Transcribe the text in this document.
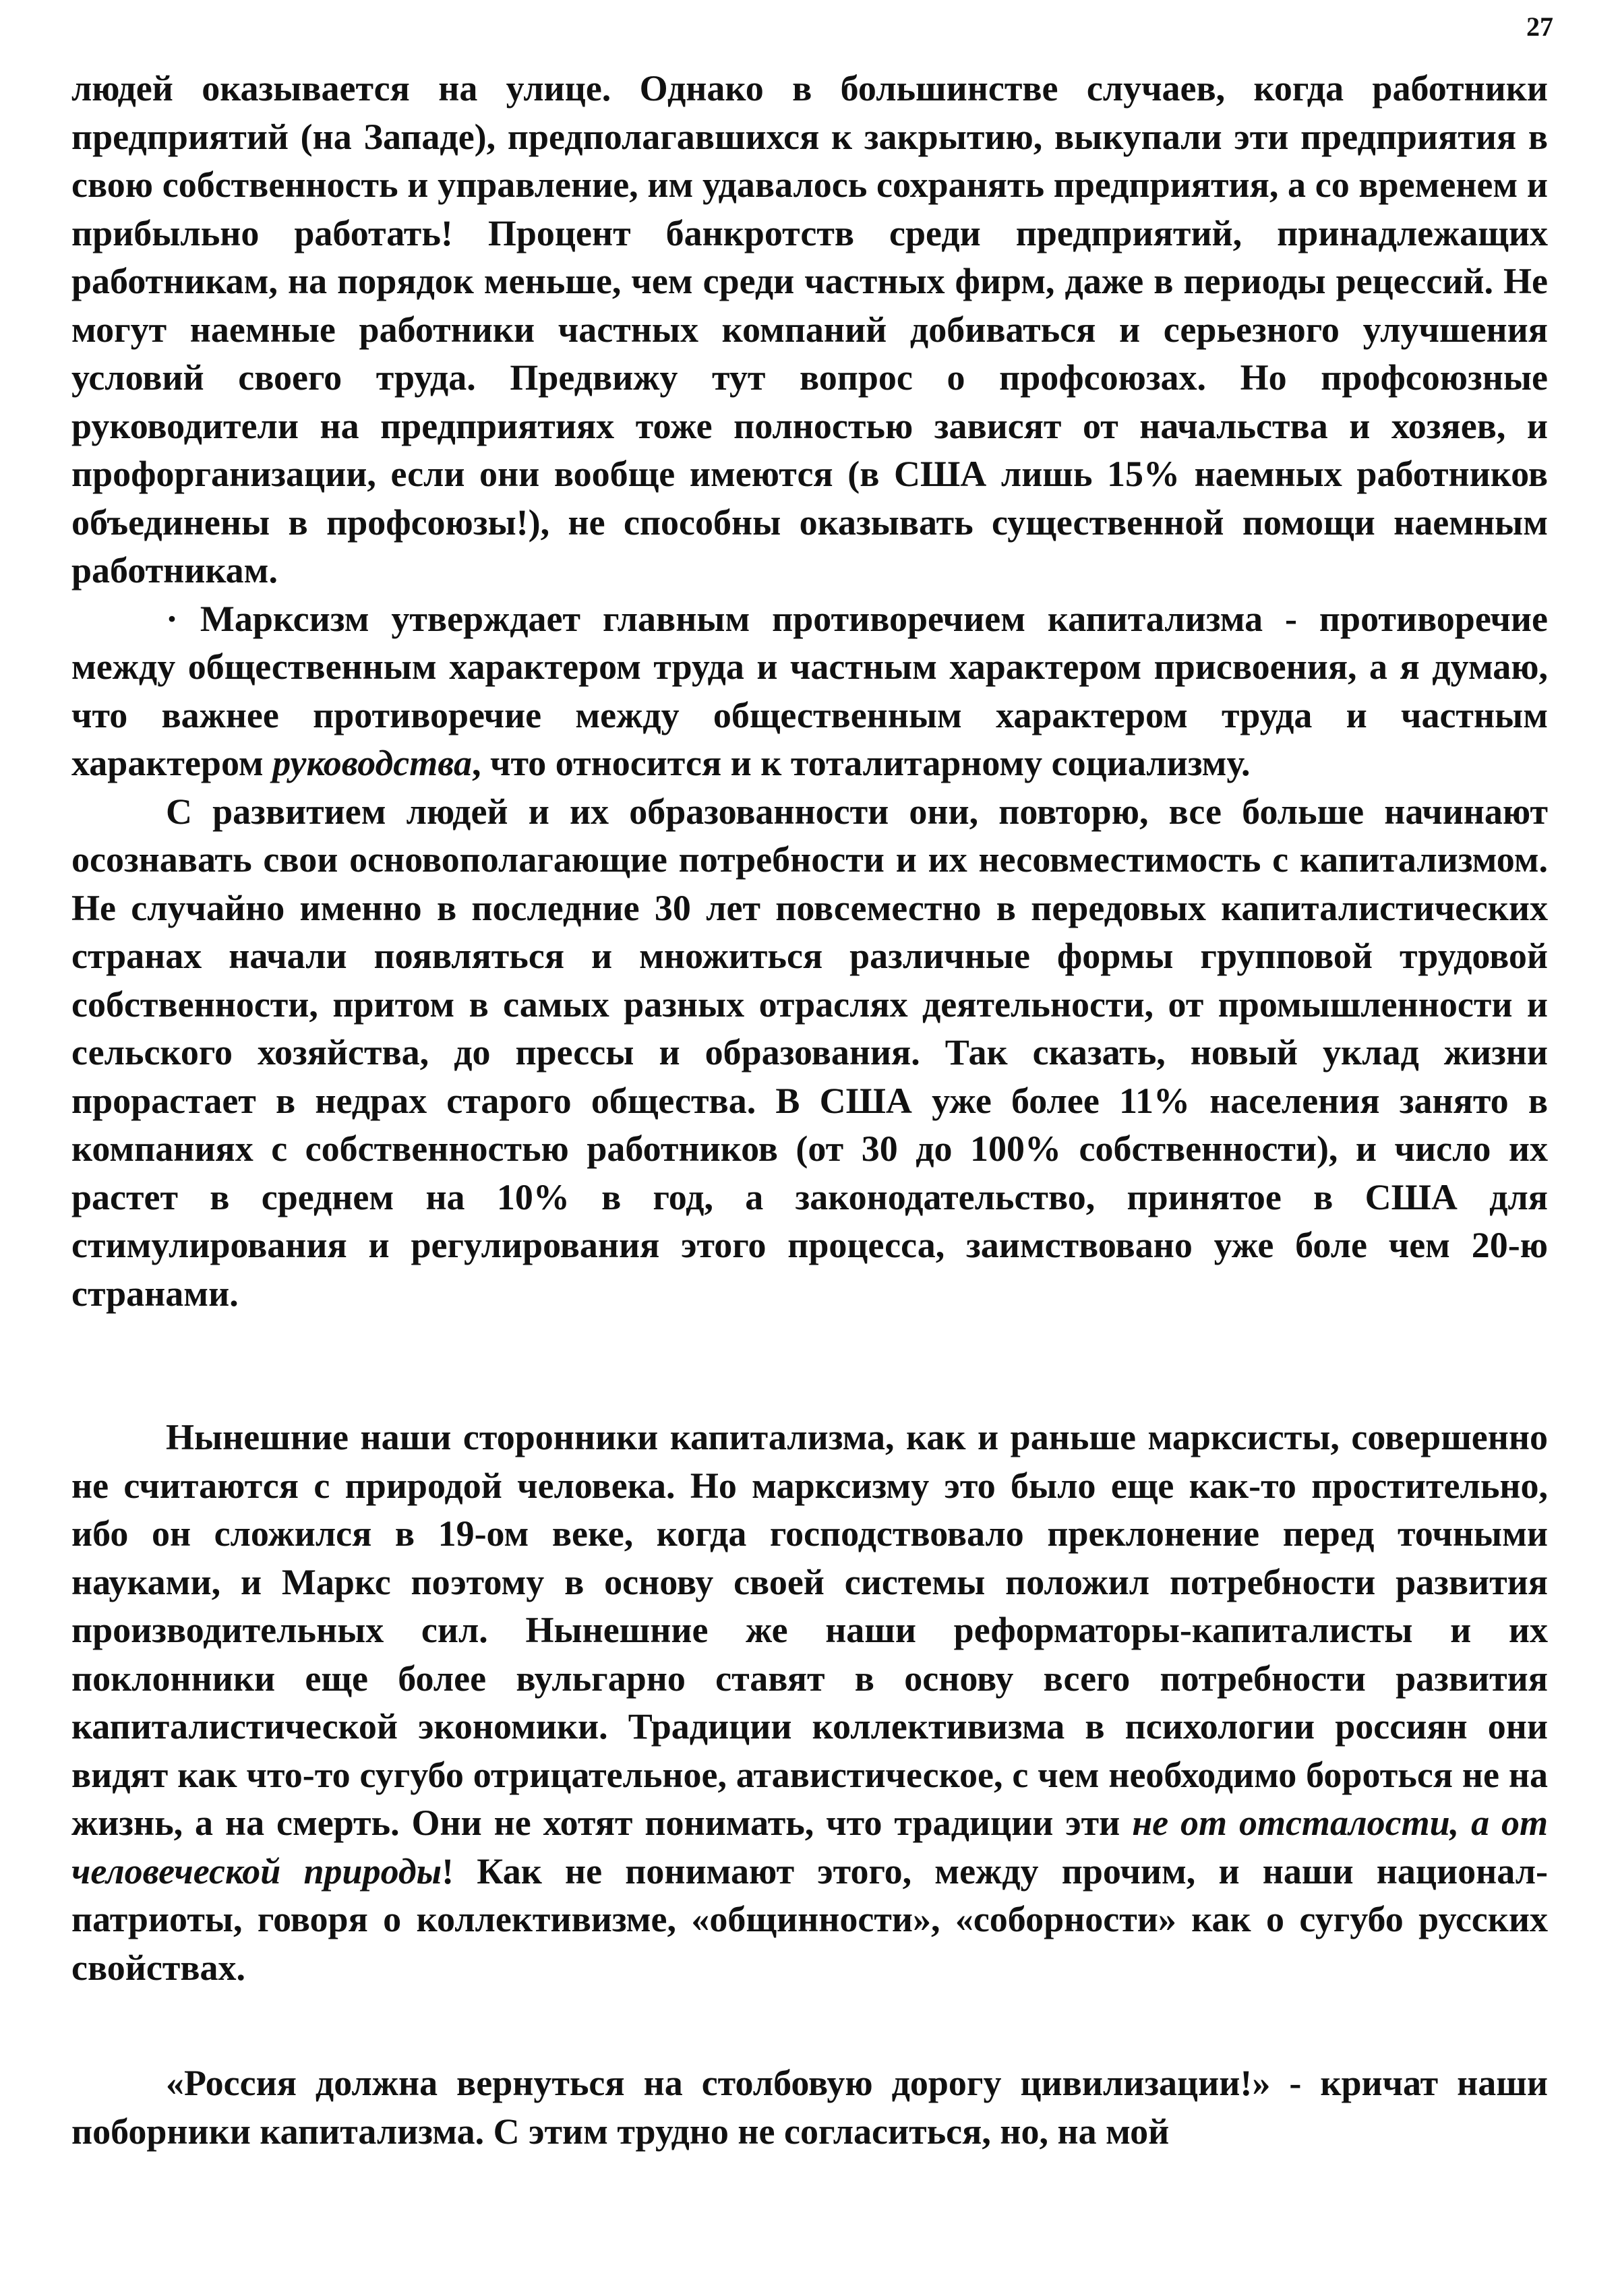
27

людей оказывается на улице. Однако в большинстве случаев, когда работники предприятий (на Западе), предполагавшихся к закрытию, выкупали эти предприятия в свою собственность и управление, им удавалось сохранять предприятия, а со временем и прибыльно работать! Процент банкротств среди предприятий, принадлежащих работникам, на порядок меньше, чем среди частных фирм, даже в периоды рецессий. Не могут наемные работники частных компаний добиваться и серьезного улучшения условий своего труда. Предвижу тут вопрос о профсоюзах. Но профсоюзные руководители на предприятиях тоже полностью зависят от начальства и хозяев, и профорганизации, если они вообще имеются (в США лишь 15% наемных работников объединены в профсоюзы!), не способны оказывать существенной помощи наемным работникам.

· Марксизм утверждает главным противоречием капитализма - противоречие между общественным характером труда и частным характером присвоения, а я думаю, что важнее противоречие между общественным характером труда и частным характером руководства, что относится и к тоталитарному социализму.

С развитием людей и их образованности они, повторю, все больше начинают осознавать свои основополагающие потребности и их несовместимость с капитализмом. Не случайно именно в последние 30 лет повсеместно в передовых капиталистических странах начали появляться и множиться различные формы групповой трудовой собственности, притом в самых разных отраслях деятельности, от промышленности и сельского хозяйства, до прессы и образования. Так сказать, новый уклад жизни прорастает в недрах старого общества. В США уже более 11% населения занято в компаниях с собственностью работников (от 30 до 100% собственности), и число их растет в среднем на 10% в год, а законодательство, принятое в США для стимулирования и регулирования этого процесса, заимствовано уже боле чем 20-ю странами.

Нынешние наши сторонники капитализма, как и раньше марксисты, совершенно не считаются с природой человека. Но марксизму это было еще как-то простительно, ибо он сложился в 19-ом веке, когда господствовало преклонение перед точными науками, и Маркс поэтому в основу своей системы положил потребности развития производительных сил. Нынешние же наши реформаторы-капиталисты и их поклонники еще более вульгарно ставят в основу всего потребности развития капиталистической экономики. Традиции коллективизма в психологии россиян они видят как что-то сугубо отрицательное, атавистическое, с чем необходимо бороться не на жизнь, а на смерть. Они не хотят понимать, что традиции эти не от отсталости, а от человеческой природы! Как не понимают этого, между прочим, и наши национал-патриоты, говоря о коллективизме, «общинности», «соборности» как о сугубо русских свойствах.

«Россия должна вернуться на столбовую дорогу цивилизации!» - кричат наши поборники капитализма. С этим трудно не согласиться, но, на мой
